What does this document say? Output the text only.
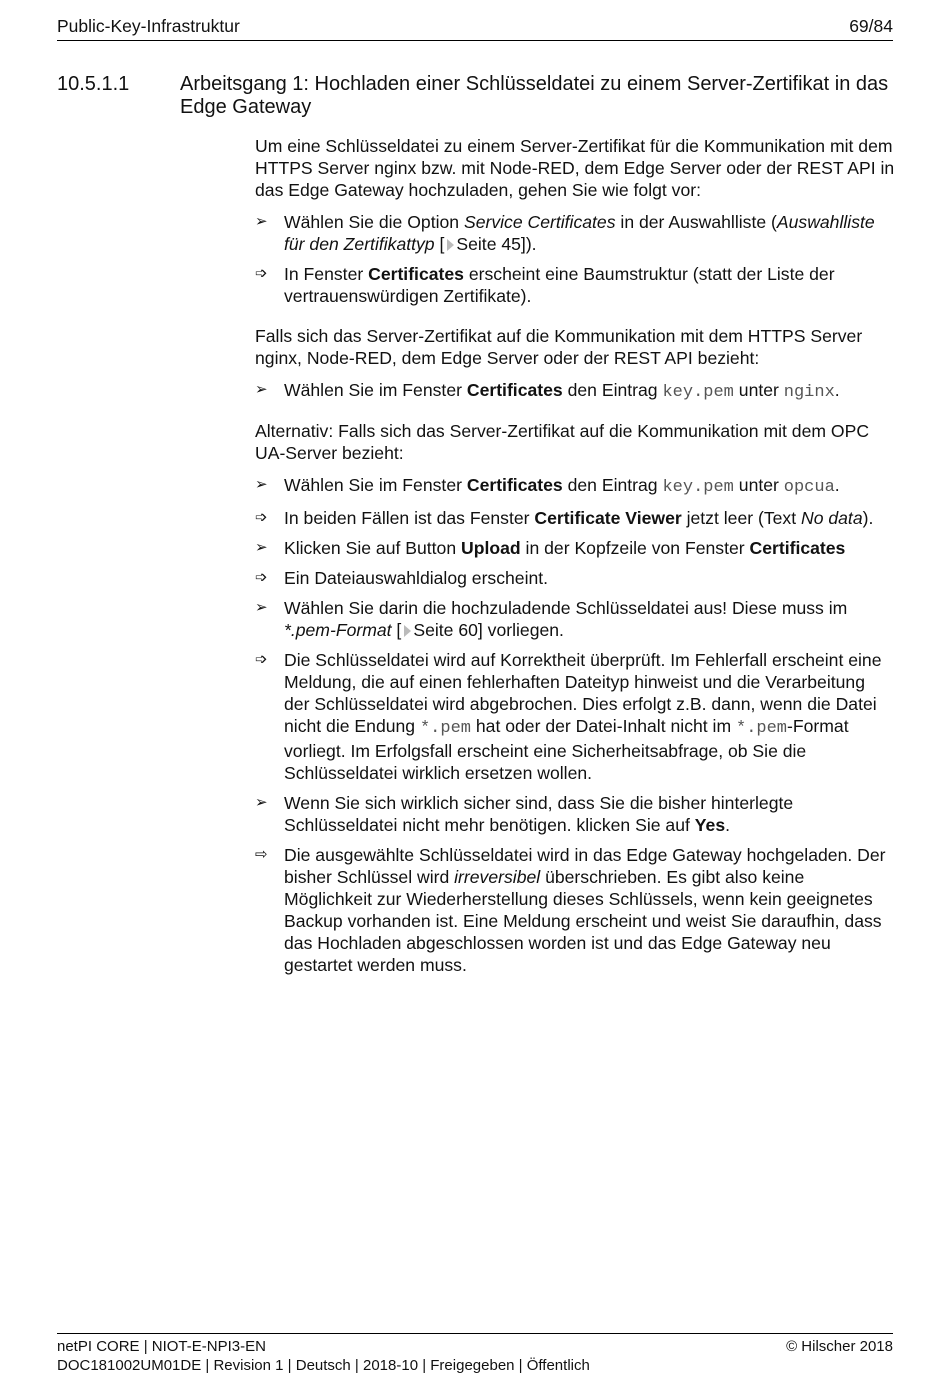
Public-Key-Infrastruktur	69/84
10.5.1.1	Arbeitsgang 1: Hochladen einer Schlüsseldatei zu einem Server-Zertifikat in das Edge Gateway

Um eine Schlüsseldatei zu einem Server-Zertifikat für die Kommunikation mit dem HTTPS Server nginx bzw. mit Node-RED, dem Edge Server oder der REST API in das Edge Gateway hochzuladen, gehen Sie wie folgt vor:

➢ Wählen Sie die Option Service Certificates in der Auswahlliste (Auswahlliste für den Zertifikattyp [ Seite 45]).
➩ In Fenster Certificates erscheint eine Baumstruktur (statt der Liste der vertrauenswürdigen Zertifikate).

Falls sich das Server-Zertifikat auf die Kommunikation mit dem HTTPS Server nginx, Node-RED, dem Edge Server oder der REST API bezieht:

➢ Wählen Sie im Fenster Certificates den Eintrag key.pem unter nginx.

Alternativ: Falls sich das Server-Zertifikat auf die Kommunikation mit dem OPC UA-Server bezieht:

➢ Wählen Sie im Fenster Certificates den Eintrag key.pem unter opcua.
➩ In beiden Fällen ist das Fenster Certificate Viewer jetzt leer (Text No data).
➢ Klicken Sie auf Button Upload in der Kopfzeile von Fenster Certificates
➩ Ein Dateiauswahldialog erscheint.
➢ Wählen Sie darin die hochzuladende Schlüsseldatei aus! Diese muss im *.pem-Format [ Seite 60] vorliegen.
➩ Die Schlüsseldatei wird auf Korrektheit überprüft. Im Fehlerfall erscheint eine Meldung, die auf einen fehlerhaften Dateityp hinweist und die Verarbeitung der Schlüsseldatei wird abgebrochen. Dies erfolgt z.B. dann, wenn die Datei nicht die Endung *.pem hat oder der Datei-Inhalt nicht im *.pem-Format vorliegt. Im Erfolgsfall erscheint eine Sicherheitsabfrage, ob Sie die Schlüsseldatei wirklich ersetzen wollen.
➢ Wenn Sie sich wirklich sicher sind, dass Sie die bisher hinterlegte Schlüsseldatei nicht mehr benötigen. klicken Sie auf Yes.
⇨ Die ausgewählte Schlüsseldatei wird in das Edge Gateway hochgeladen. Der bisher Schlüssel wird irreversibel überschrieben. Es gibt also keine Möglichkeit zur Wiederherstellung dieses Schlüssels, wenn kein geeignetes Backup vorhanden ist. Eine Meldung erscheint und weist Sie daraufhin, dass das Hochladen abgeschlossen worden ist und das Edge Gateway neu gestartet werden muss.
netPI CORE | NIOT-E-NPI3-EN
DOC181002UM01DE | Revision 1 | Deutsch | 2018-10 | Freigegeben | Öffentlich
© Hilscher 2018
